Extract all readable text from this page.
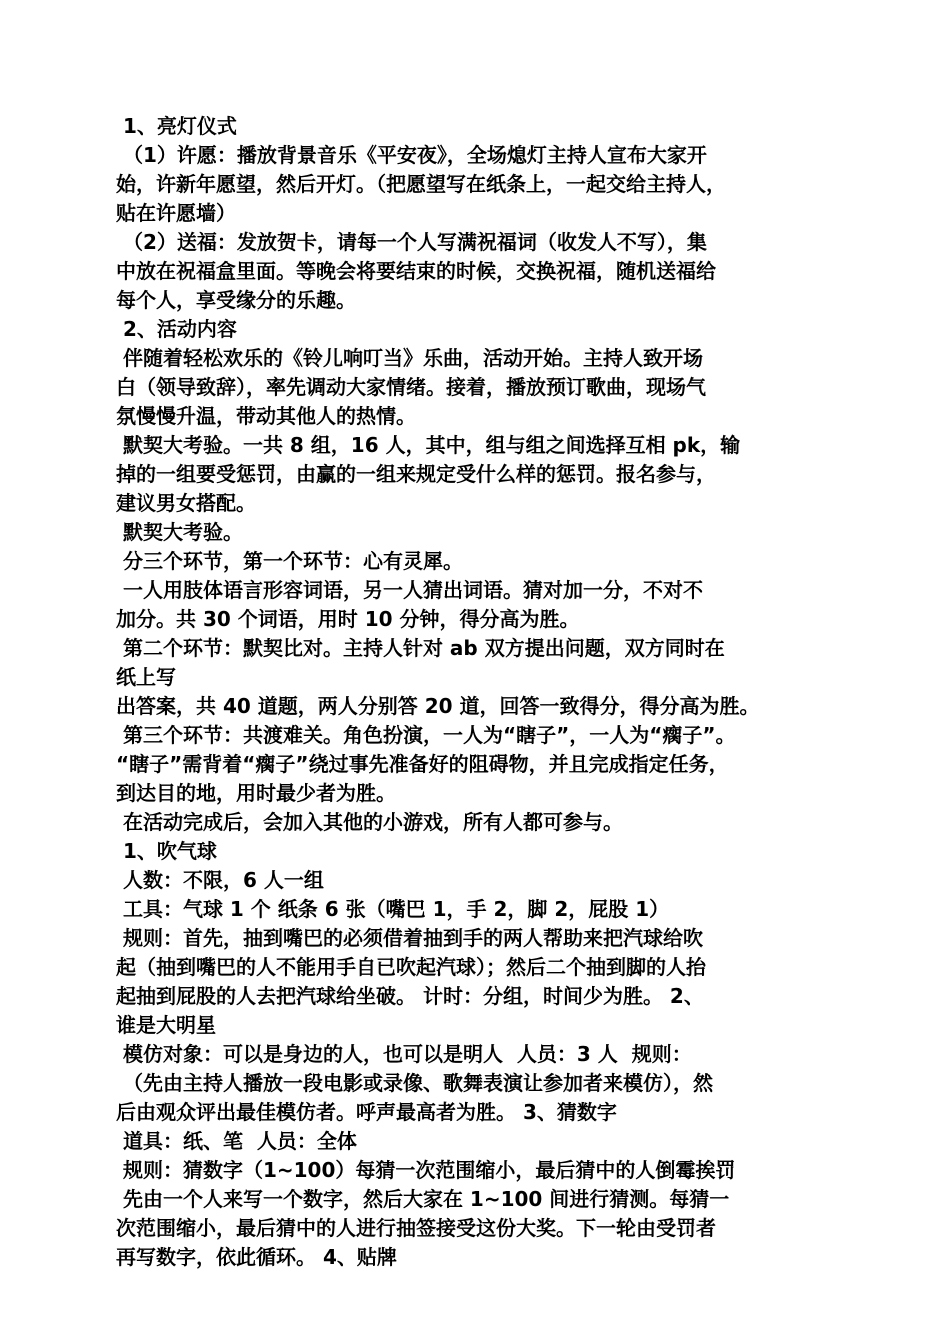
1、亮灯仪式
（1）许愿：播放背景音乐《平安夜》，全场熄灯主持人宣布大家开
始，许新年愿望，然后开灯。（把愿望写在纸条上，一起交给主持人，
贴在许愿墙）
（2）送福：发放贺卡，请每一个人写满祝福词（收发人不写），集
中放在祝福盒里面。等晚会将要结束的时候，交换祝福，随机送福给
每个人，享受缘分的乐趣。
2、活动内容
伴随着轻松欢乐的《铃儿响叮当》乐曲，活动开始。主持人致开场
白（领导致辞），率先调动大家情绪。接着，播放预订歌曲，现场气
氛慢慢升温，带动其他人的热情。
默契大考验。一共 8 组，16 人，其中，组与组之间选择互相 pk，输
掉的一组要受惩罚，由赢的一组来规定受什么样的惩罚。报名参与，
建议男女搭配。
默契大考验。
分三个环节，第一个环节：心有灵犀。
一人用肢体语言形容词语，另一人猜出词语。猜对加一分，不对不
加分。共 30 个词语，用时 10 分钟，得分高为胜。
第二个环节：默契比对。主持人针对 ab 双方提出问题，双方同时在
纸上写
出答案，共 40 道题，两人分别答 20 道，回答一致得分，得分高为胜。
第三个环节：共渡难关。角色扮演，一人为“瞎子”，一人为“瘸子”。
“瞎子”需背着“瘸子”绕过事先准备好的阻碍物，并且完成指定任务，
到达目的地，用时最少者为胜。
在活动完成后，会加入其他的小游戏，所有人都可参与。
1、吹气球
人数：不限，6 人一组
工具：气球 1 个 纸条 6 张（嘴巴 1，手 2，脚 2，屁股 1）
规则：首先，抽到嘴巴的必须借着抽到手的两人帮助来把汽球给吹
起（抽到嘴巴的人不能用手自已吹起汽球）；然后二个抽到脚的人抬
起抽到屁股的人去把汽球给坐破。 计时：分组，时间少为胜。 2、
谁是大明星
模仿对象：可以是身边的人，也可以是明人  人员：3 人  规则：
（先由主持人播放一段电影或录像、歌舞表演让参加者来模仿），然
后由观众评出最佳模仿者。呼声最高者为胜。 3、猜数字
道具：纸、笔  人员：全体
规则：猜数字（1~100）每猜一次范围缩小，最后猜中的人倒霉挨罚
先由一个人来写一个数字，然后大家在 1~100 间进行猜测。每猜一
次范围缩小，最后猜中的人进行抽签接受这份大奖。下一轮由受罚者
再写数字，依此循环。 4、贴牌
